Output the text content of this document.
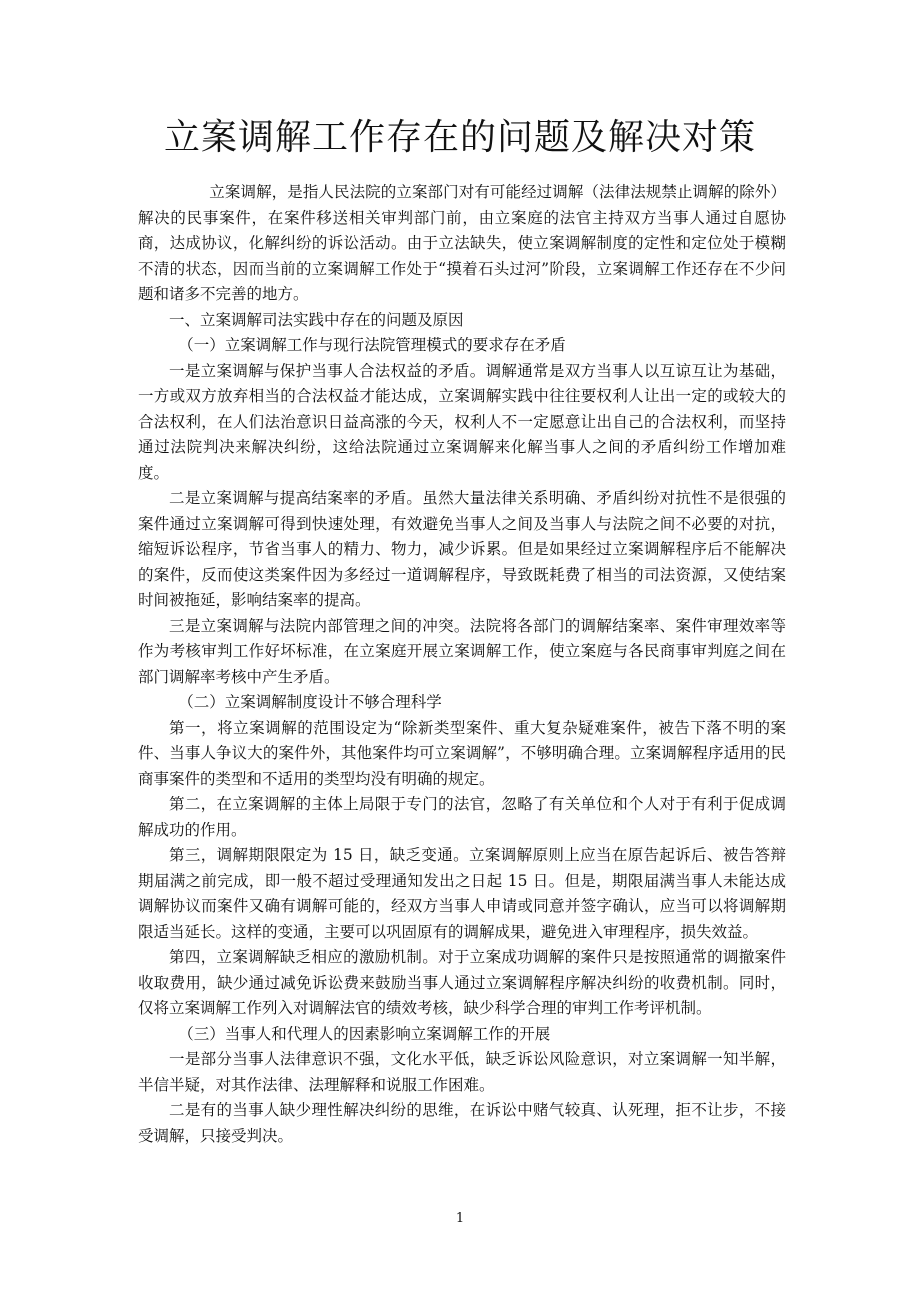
立案调解工作存在的问题及解决对策

立案调解，是指人民法院的立案部门对有可能经过调解（法律法规禁止调解的除外）解决的民事案件，在案件移送相关审判部门前，由立案庭的法官主持双方当事人通过自愿协商，达成协议，化解纠纷的诉讼活动。由于立法缺失，使立案调解制度的定性和定位处于模糊不清的状态，因而当前的立案调解工作处于“摸着石头过河”阶段，立案调解工作还存在不少问题和诸多不完善的地方。

一、立案调解司法实践中存在的问题及原因

（一）立案调解工作与现行法院管理模式的要求存在矛盾

一是立案调解与保护当事人合法权益的矛盾。调解通常是双方当事人以互谅互让为基础，一方或双方放弃相当的合法权益才能达成，立案调解实践中往往要权利人让出一定的或较大的合法权利，在人们法治意识日益高涨的今天，权利人不一定愿意让出自己的合法权利，而坚持通过法院判决来解决纠纷，这给法院通过立案调解来化解当事人之间的矛盾纠纷工作增加难度。

二是立案调解与提高结案率的矛盾。虽然大量法律关系明确、矛盾纠纷对抗性不是很强的案件通过立案调解可得到快速处理，有效避免当事人之间及当事人与法院之间不必要的对抗，缩短诉讼程序，节省当事人的精力、物力，减少诉累。但是如果经过立案调解程序后不能解决的案件，反而使这类案件因为多经过一道调解程序，导致既耗费了相当的司法资源，又使结案时间被拖延，影响结案率的提高。

三是立案调解与法院内部管理之间的冲突。法院将各部门的调解结案率、案件审理效率等作为考核审判工作好坏标准，在立案庭开展立案调解工作，使立案庭与各民商事审判庭之间在部门调解率考核中产生矛盾。

（二）立案调解制度设计不够合理科学

第一，将立案调解的范围设定为“除新类型案件、重大复杂疑难案件，被告下落不明的案件、当事人争议大的案件外，其他案件均可立案调解”，不够明确合理。立案调解程序适用的民商事案件的类型和不适用的类型均没有明确的规定。

第二，在立案调解的主体上局限于专门的法官，忽略了有关单位和个人对于有利于促成调解成功的作用。

第三，调解期限限定为 15 日，缺乏变通。立案调解原则上应当在原告起诉后、被告答辩期届满之前完成，即一般不超过受理通知发出之日起 15 日。但是，期限届满当事人未能达成调解协议而案件又确有调解可能的，经双方当事人申请或同意并签字确认，应当可以将调解期限适当延长。这样的变通，主要可以巩固原有的调解成果，避免进入审理程序，损失效益。

第四，立案调解缺乏相应的激励机制。对于立案成功调解的案件只是按照通常的调撤案件收取费用，缺少通过减免诉讼费来鼓励当事人通过立案调解程序解决纠纷的收费机制。同时，仅将立案调解工作列入对调解法官的绩效考核，缺少科学合理的审判工作考评机制。

（三）当事人和代理人的因素影响立案调解工作的开展

一是部分当事人法律意识不强，文化水平低，缺乏诉讼风险意识，对立案调解一知半解，半信半疑，对其作法律、法理解释和说服工作困难。

二是有的当事人缺少理性解决纠纷的思维，在诉讼中赌气较真、认死理，拒不让步，不接受调解，只接受判决。

1
